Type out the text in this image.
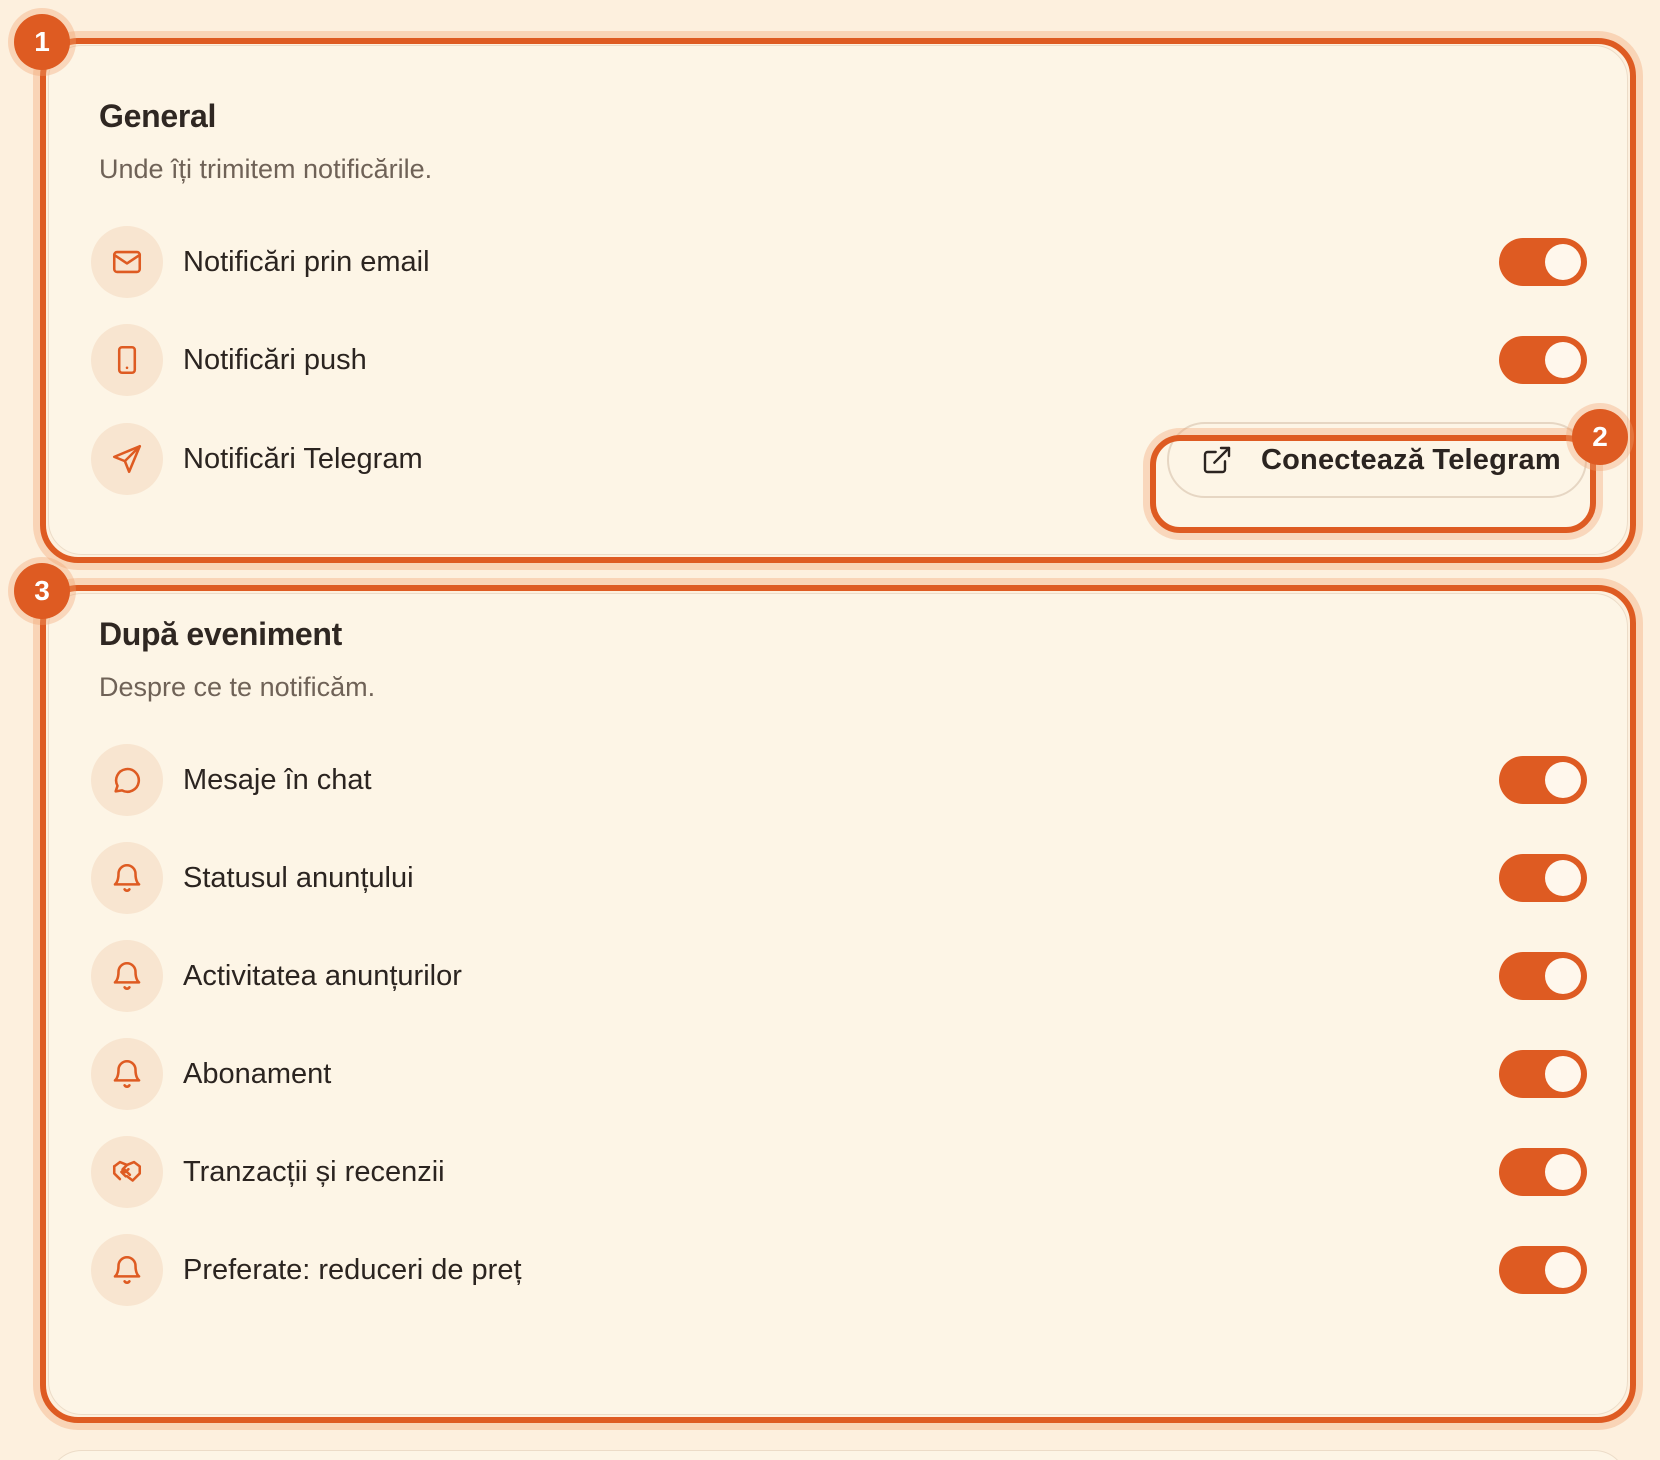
General
Unde îți trimitem notificările.
Notificări prin email
Notificări push
Notificări Telegram	Conectează Telegram
După eveniment
Despre ce te notificăm.
Mesaje în chat
Statusul anunțului
Activitatea anunțurilor
Abonament
Tranzacții și recenzii
Preferate: reduceri de preț
1
2
3
